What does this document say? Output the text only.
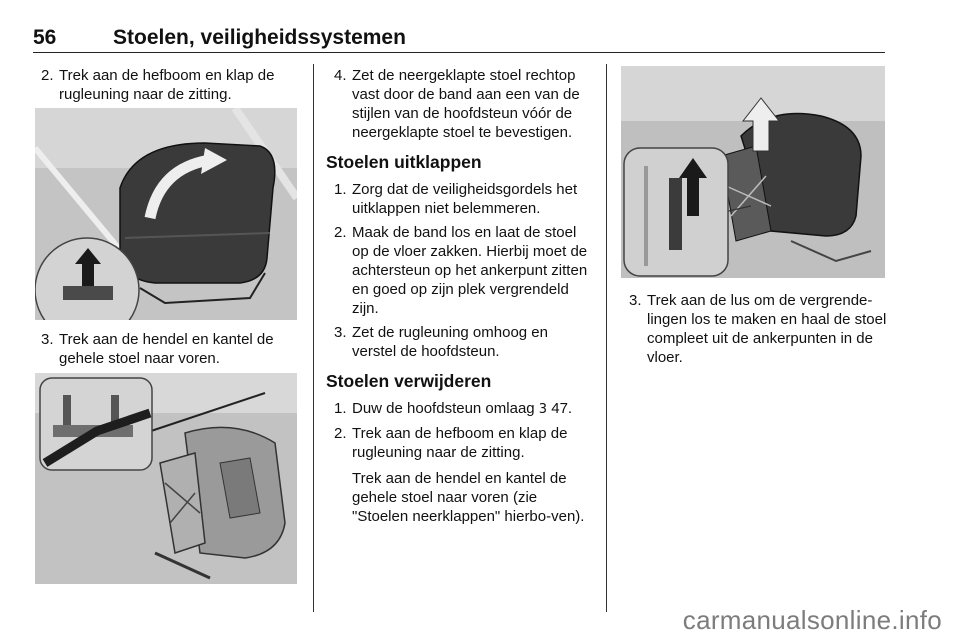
56	Stoelen, veiligheidssystemen
2. Trek aan de hefboom en klap de rugleuning naar de zitting.
3. Trek aan de hendel en kantel de gehele stoel naar voren.
4. Zet de neergeklapte stoel rechtop vast door de band aan een van de stijlen van de hoofdsteun vóór de neergeklapte stoel te bevestigen.
Stoelen uitklappen
1. Zorg dat de veiligheidsgordels het uitklappen niet belemmeren.
2. Maak de band los en laat de stoel op de vloer zakken. Hierbij moet de achtersteun op het ankerpunt zitten en goed op zijn plek vergrendeld zijn.
3. Zet de rugleuning omhoog en verstel de hoofdsteun.
Stoelen verwijderen
1. Duw de hoofdsteun omlaag 3 47.
2. Trek aan de hefboom en klap de rugleuning naar de zitting.
Trek aan de hendel en kantel de gehele stoel naar voren (zie "Stoelen neerklappen" hierbo-ven).
3. Trek aan de lus om de vergrende-lingen los te maken en haal de stoel compleet uit de ankerpunten in de vloer.
carmanualsonline.info
